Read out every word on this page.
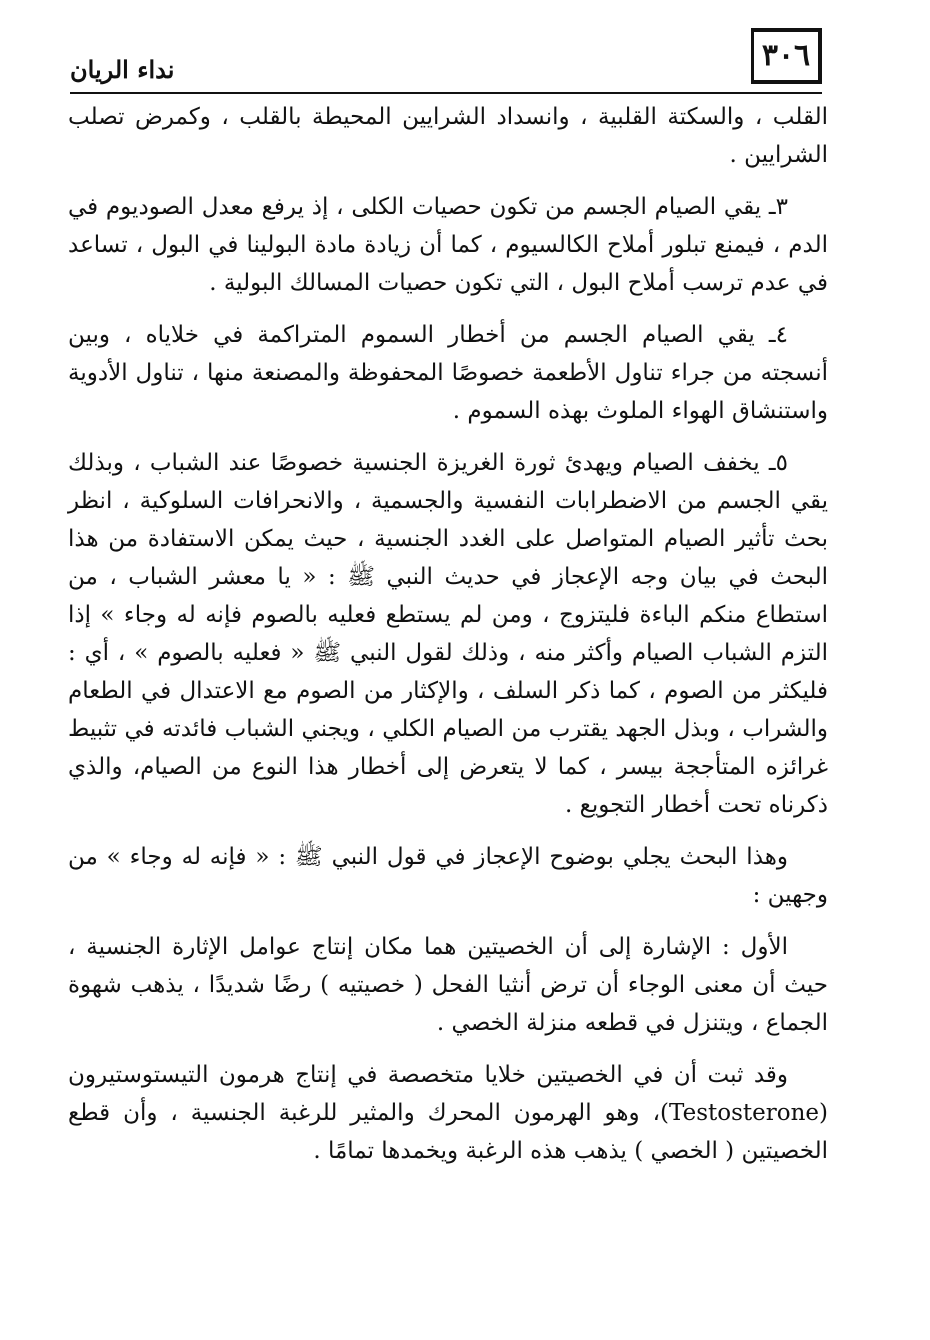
٣٠٦
نداء الريان

القلب ، والسكتة القلبية ، وانسداد الشرايين المحيطة بالقلب ، وكمرض تصلب الشرايين .

٣ـ يقي الصيام الجسم من تكون حصيات الكلى ، إذ يرفع معدل الصوديوم في الدم ، فيمنع تبلور أملاح الكالسيوم ، كما أن زيادة مادة البولينا في البول ، تساعد في عدم ترسب أملاح البول ، التي تكون حصيات المسالك البولية .

٤ـ يقي الصيام الجسم من أخطار السموم المتراكمة في خلاياه ، وبين أنسجته من جراء تناول الأطعمة خصوصًا المحفوظة والمصنعة منها ، تناول الأدوية واستنشاق الهواء الملوث بهذه السموم .

٥ـ يخفف الصيام ويهدئ ثورة الغريزة الجنسية خصوصًا عند الشباب ، وبذلك يقي الجسم من الاضطرابات النفسية والجسمية ، والانحرافات السلوكية ، انظر بحث تأثير الصيام المتواصل على الغدد الجنسية ، حيث يمكن الاستفادة من هذا البحث في بيان وجه الإعجاز في حديث النبي ﷺ : « يا معشر الشباب ، من استطاع منكم الباءة فليتزوج ، ومن لم يستطع فعليه بالصوم فإنه له وجاء » إذا التزم الشباب الصيام وأكثر منه ، وذلك لقول النبي ﷺ « فعليه بالصوم » ، أي : فليكثر من الصوم ، كما ذكر السلف ، والإكثار من الصوم مع الاعتدال في الطعام والشراب ، وبذل الجهد يقترب من الصيام الكلي ، ويجني الشباب فائدته في تثبيط غرائزه المتأججة بيسر ، كما لا يتعرض إلى أخطار هذا النوع من الصيام، والذي ذكرناه تحت أخطار التجويع .

وهذا البحث يجلي بوضوح الإعجاز في قول النبي ﷺ : « فإنه له وجاء » من وجهين :

الأول : الإشارة إلى أن الخصيتين هما مكان إنتاج عوامل الإثارة الجنسية ، حيث أن معنى الوجاء أن ترض أنثيا الفحل ( خصيتيه ) رضًا شديدًا ، يذهب شهوة الجماع ، ويتنزل في قطعه منزلة الخصي .

وقد ثبت أن في الخصيتين خلايا متخصصة في إنتاج هرمون التيستوستيرون (Testosterone)، وهو الهرمون المحرك والمثير للرغبة الجنسية ، وأن قطع الخصيتين ( الخصي ) يذهب هذه الرغبة ويخمدها تمامًا .
